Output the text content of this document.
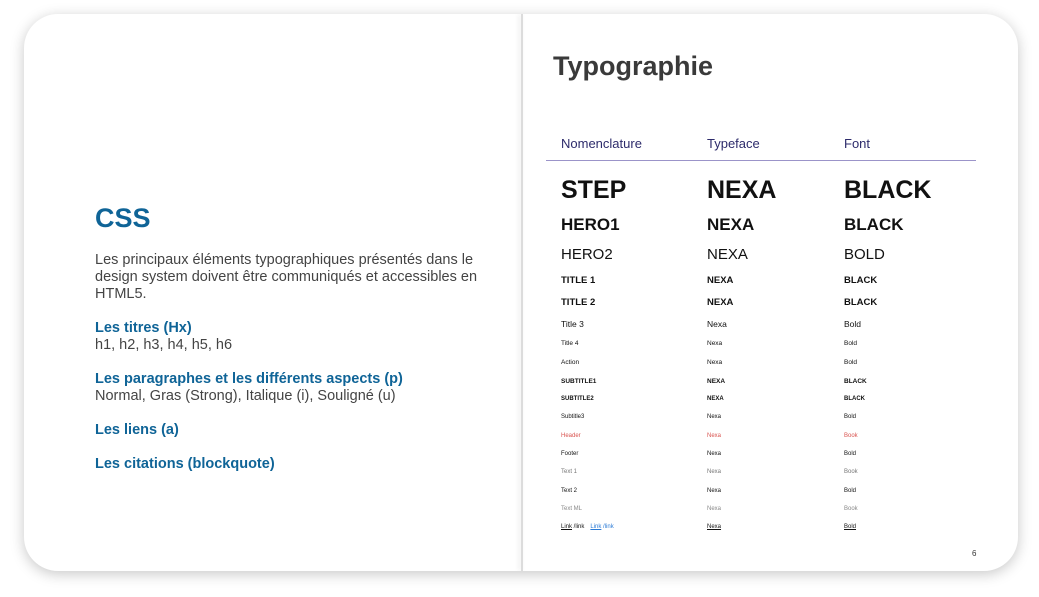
CSS
Les principaux éléments typographiques présentés dans le design system doivent être communiqués et accessibles en HTML5.
Les titres (Hx)
h1, h2, h3, h4, h5, h6
Les paragraphes et les différents aspects (p)
Normal, Gras (Strong), Italique (i), Souligné (u)
Les liens (a)
Les citations (blockquote)
Typographie
Nomenclature	Typeface	Font
STEP	NEXA	BLACK
HERO1	NEXA	BLACK
HERO2	NEXA	BOLD
TITLE 1	NEXA	BLACK
TITLE 2	NEXA	BLACK
Title 3	Nexa	Bold
Title 4	Nexa	Bold
Action	Nexa	Bold
SUBTITLE1	NEXA	BLACK
SUBTITLE2	NEXA	BLACK
Subtitle3	Nexa	Bold
Header	Nexa	Book
Footer	Nexa	Bold
Text 1	Nexa	Book
Text 2	Nexa	Bold
Text ML	Nexa	Book
Link /link Link /link	Nexa	Bold
6
